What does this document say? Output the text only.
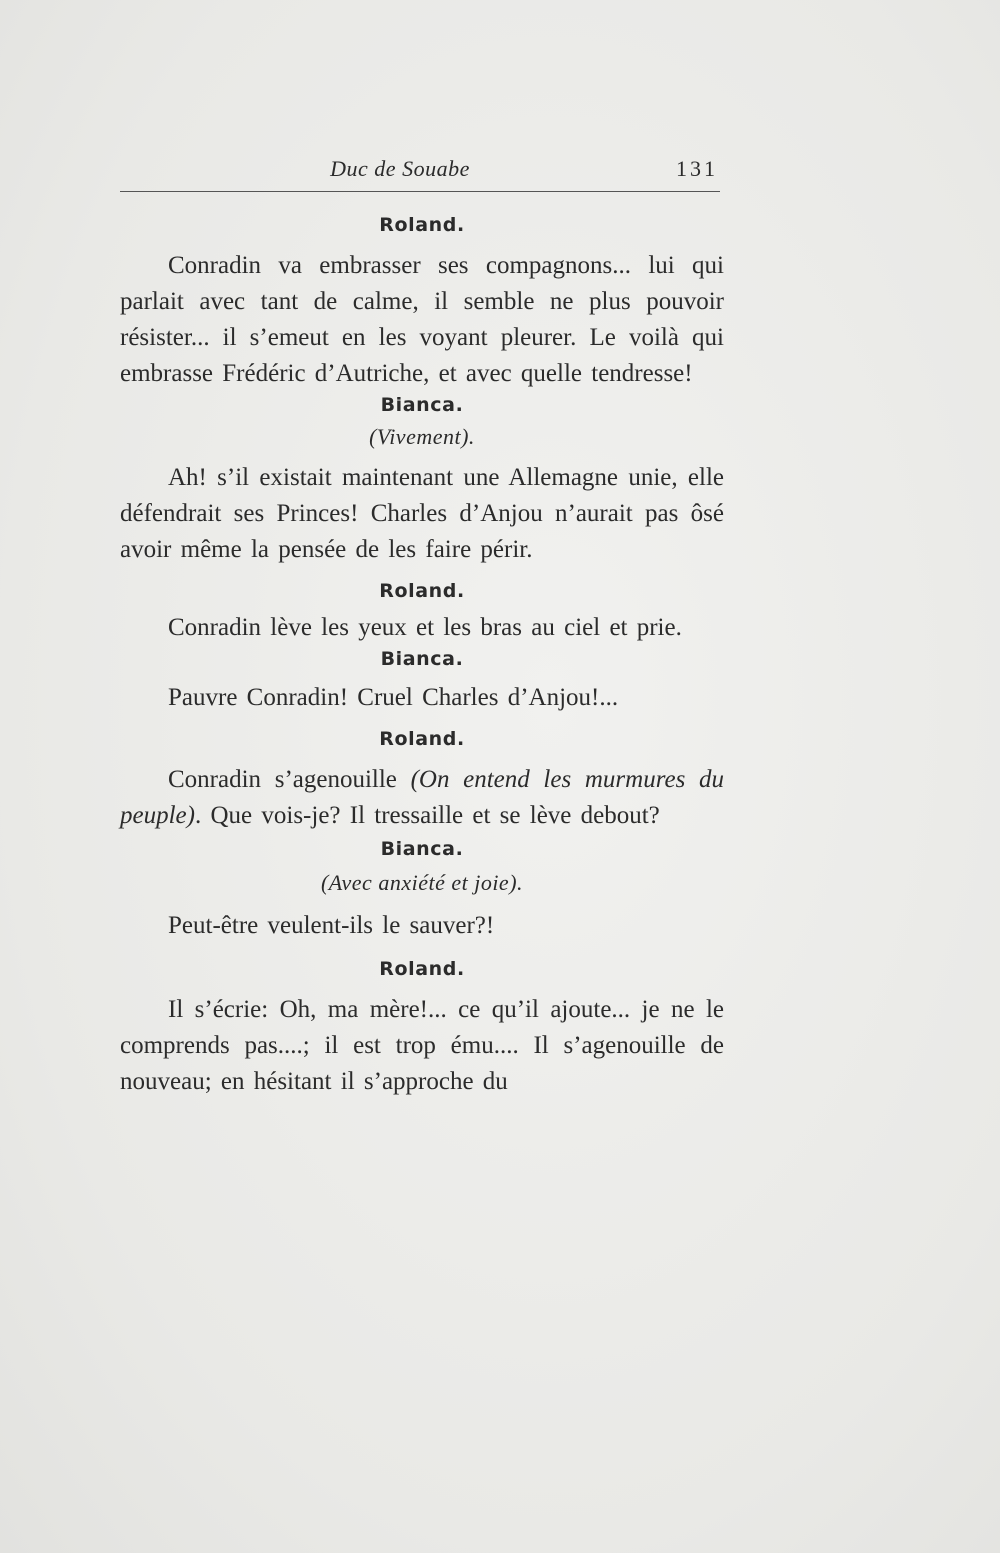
Duc de Souabe	131
Roland.

Conradin va embrasser ses compagnons... lui qui parlait avec tant de calme, il semble ne plus pouvoir résister... il s’emeut en les voyant pleurer. Le voilà qui embrasse Frédéric d’Autriche, et avec quelle tendresse!

Bianca.
(Vivement).

Ah! s’il existait maintenant une Allemagne unie, elle défendrait ses Princes! Charles d’Anjou n’aurait pas ôsé avoir même la pensée de les faire périr.

Roland.

Conradin lève les yeux et les bras au ciel et prie.

Bianca.

Pauvre Conradin! Cruel Charles d’Anjou!...

Roland.

Conradin s’agenouille (On entend les murmures du peuple). Que vois-je? Il tressaille et se lève debout?

Bianca.
(Avec anxiété et joie).

Peut-être veulent-ils le sauver?!

Roland.

Il s’écrie: Oh, ma mère!... ce qu’il ajoute... je ne le comprends pas....; il est trop ému.... Il s’agenouille de nouveau; en hésitant il s’approche du
